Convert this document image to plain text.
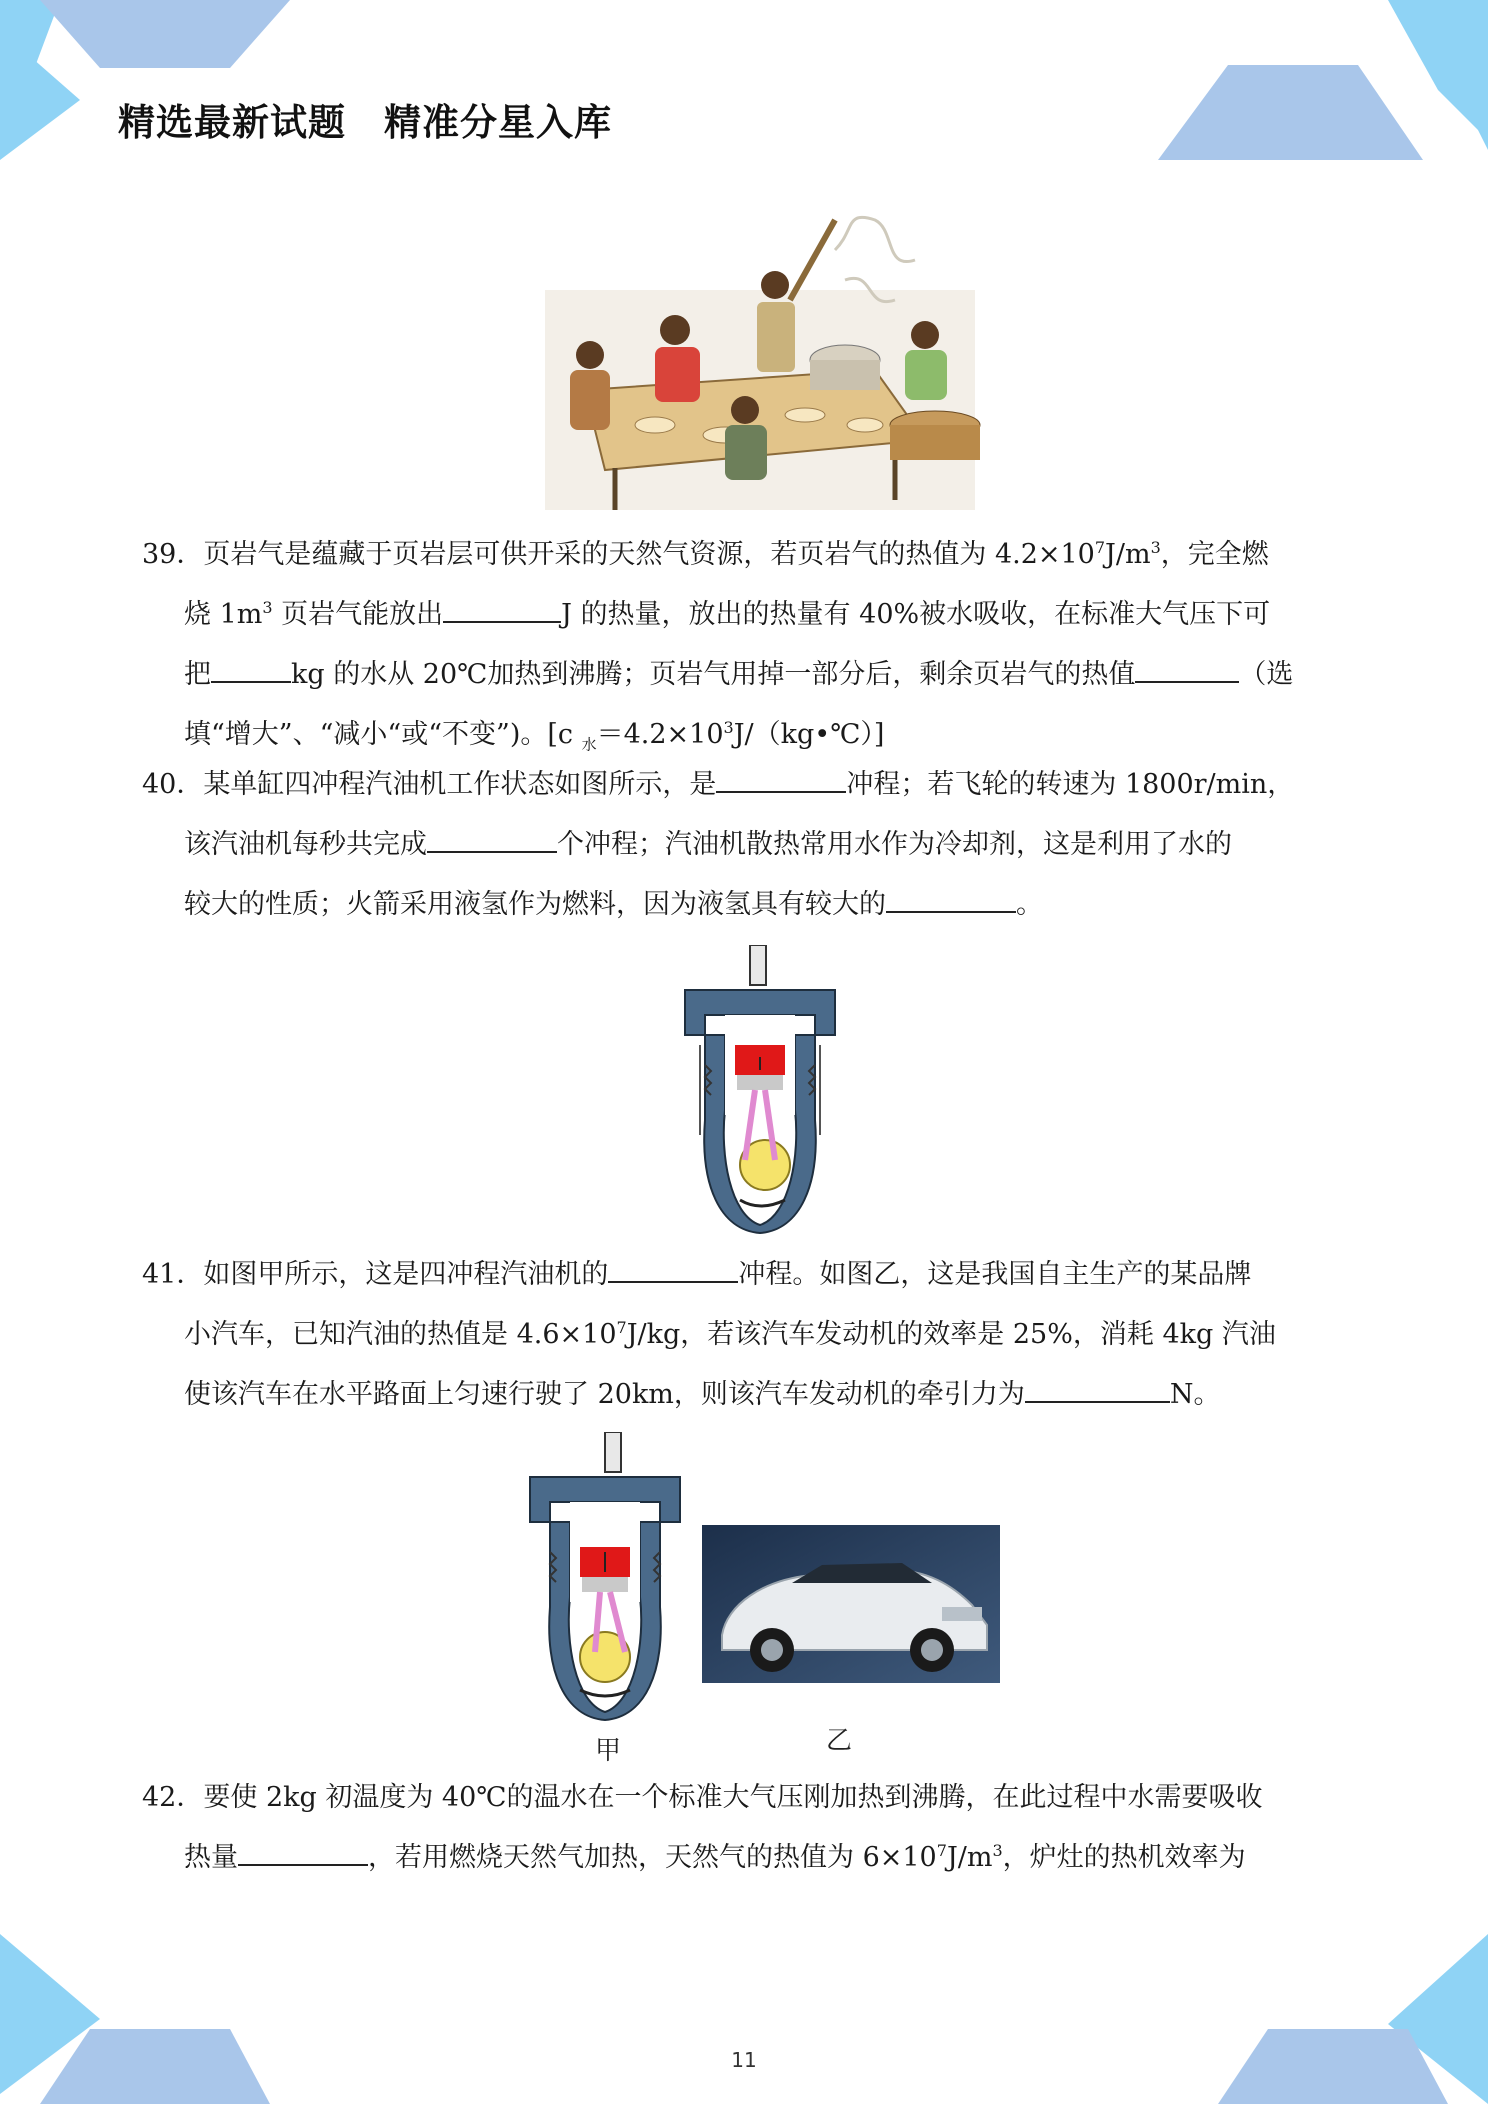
精选最新试题　精准分星入库
39．页岩气是蕴藏于页岩层可供开采的天然气资源，若页岩气的热值为 $4.2\times 10^7J/m^3$，完全燃
烧 $1m^3$ 页岩气能放出	J 的热量，放出的热量有 40%被水吸收，在标准大气压下可
把	kg 的水从 20℃加热到沸腾；页岩气用掉一部分后，剩余页岩气的热值	（选
填“增大”、“减小“或“不变”)。[c $_水=4.2\times 10^3J/(kg•℃)$]
40．某单缸四冲程汽油机工作状态如图所示，是	冲程；若飞轮的转速为 1800r/min，
该汽油机每秒共完成	个冲程；汽油机散热常用水作为冷却剂，这是利用了水的
较大的性质；火箭采用液氢作为燃料，因为液氢具有较大的	。
41．如图甲所示，这是四冲程汽油机的	冲程。如图乙，这是我国自主生产的某品牌
小汽车，已知汽油的热值是 $4.6\times 10^7J/kg$，若该汽车发动机的效率是 25%，消耗 4kg 汽油
使该汽车在水平路面上匀速行驶了 20km，则该汽车发动机的牵引力为	N。
甲	乙
42．要使 2kg 初温度为 40℃的温水在一个标准大气压刚加热到沸腾，在此过程中水需要吸收
热量	，若用燃烧天然气加热，天然气的热值为 $6\times 10^7J/m^3$，炉灶的热机效率为
11
